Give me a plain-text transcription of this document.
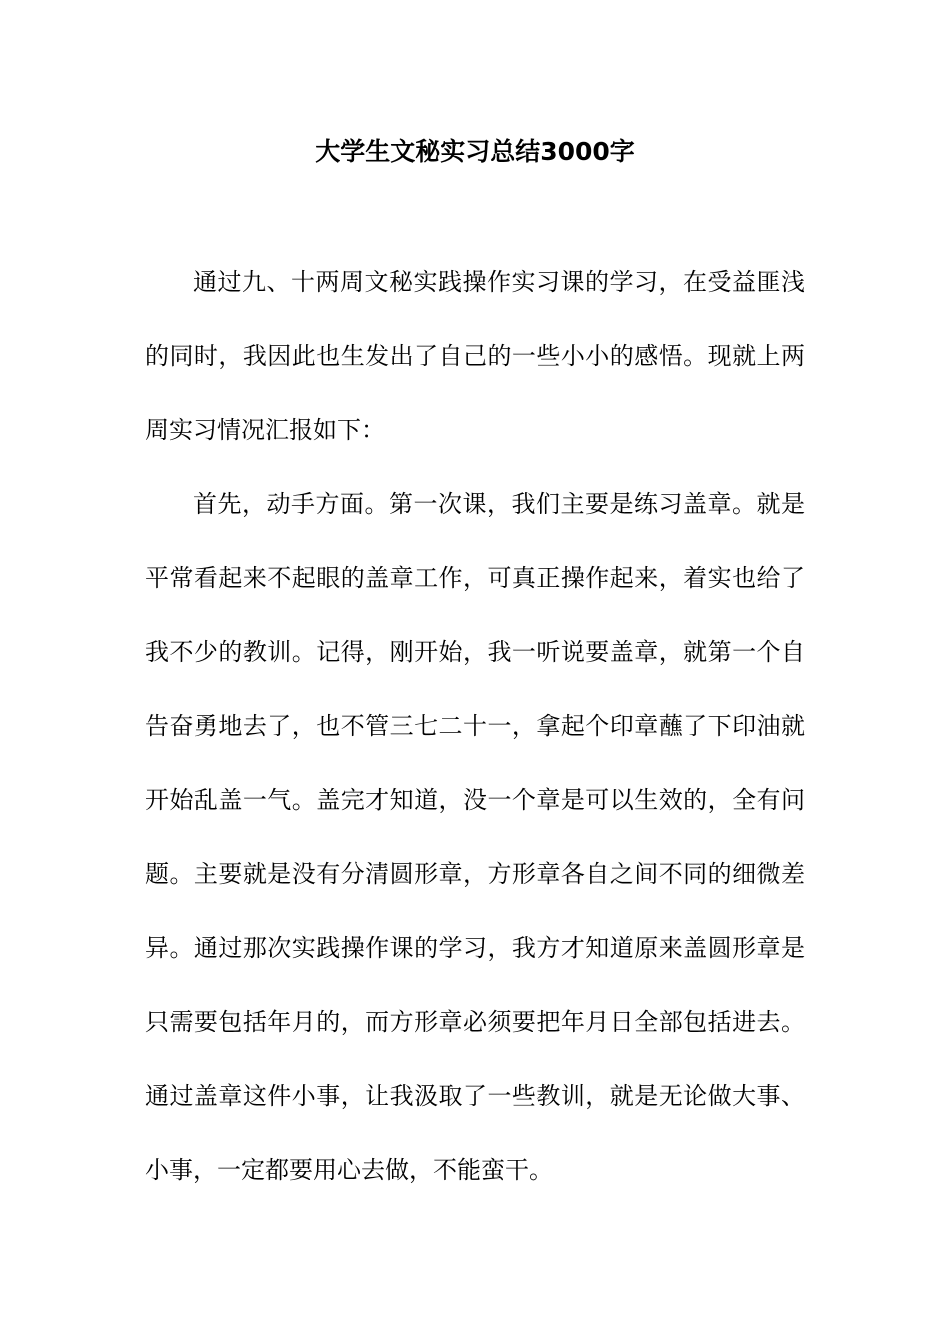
大学生文秘实习总结3000字

通过九、十两周文秘实践操作实习课的学习，在受益匪浅的同时，我因此也生发出了自己的一些小小的感悟。现就上两周实习情况汇报如下：

首先，动手方面。第一次课，我们主要是练习盖章。就是平常看起来不起眼的盖章工作，可真正操作起来，着实也给了我不少的教训。记得，刚开始，我一听说要盖章，就第一个自告奋勇地去了，也不管三七二十一，拿起个印章蘸了下印油就开始乱盖一气。盖完才知道，没一个章是可以生效的，全有问题。主要就是没有分清圆形章，方形章各自之间不同的细微差异。通过那次实践操作课的学习，我方才知道原来盖圆形章是只需要包括年月的，而方形章必须要把年月日全部包括进去。通过盖章这件小事，让我汲取了一些教训，就是无论做大事、小事，一定都要用心去做，不能蛮干。
